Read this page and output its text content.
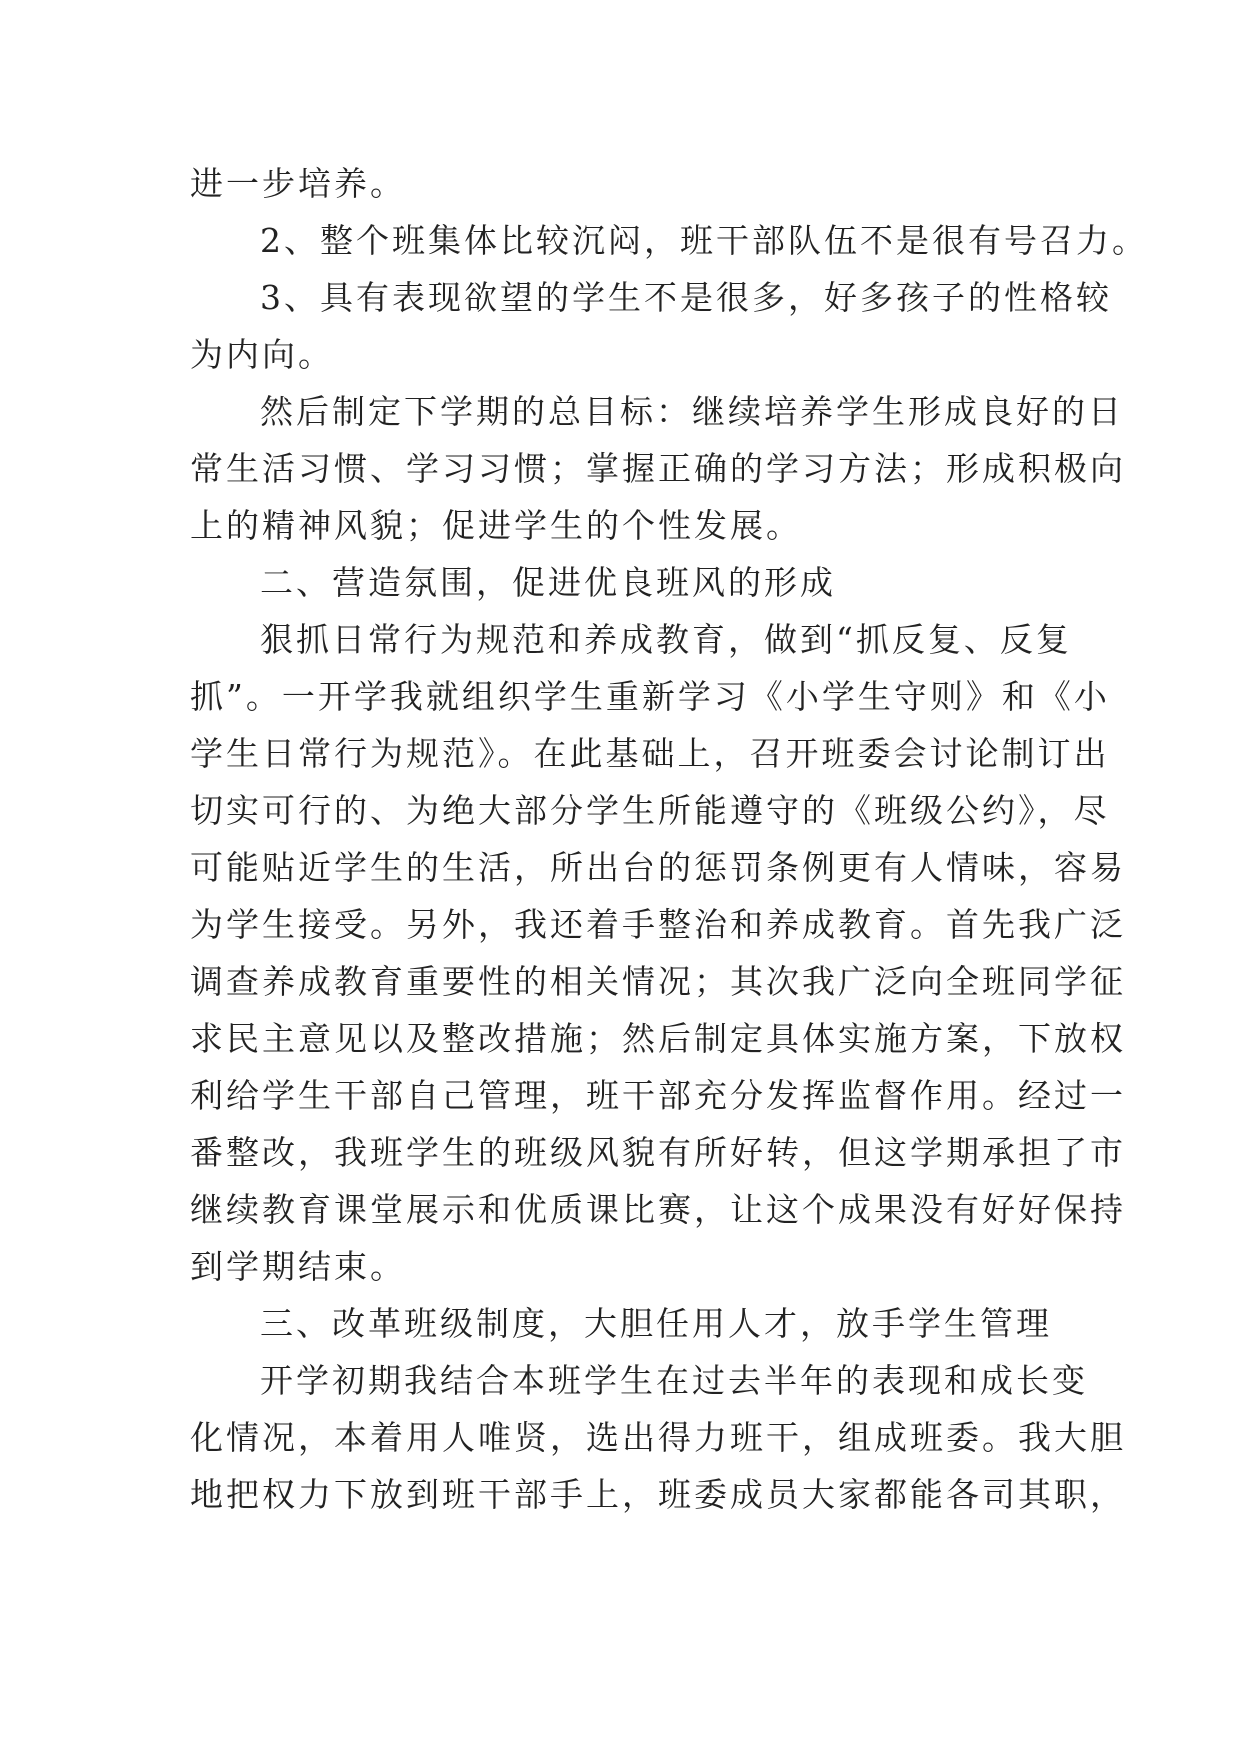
进一步培养。
2、整个班集体比较沉闷，班干部队伍不是很有号召力。
3、具有表现欲望的学生不是很多，好多孩子的性格较
为内向。
然后制定下学期的总目标：继续培养学生形成良好的日
常生活习惯、学习习惯；掌握正确的学习方法；形成积极向
上的精神风貌；促进学生的个性发展。
二、营造氛围，促进优良班风的形成
狠抓日常行为规范和养成教育，做到“抓反复、反复
抓”。一开学我就组织学生重新学习《小学生守则》和《小
学生日常行为规范》。在此基础上，召开班委会讨论制订出
切实可行的、为绝大部分学生所能遵守的《班级公约》，尽
可能贴近学生的生活，所出台的惩罚条例更有人情味，容易
为学生接受。另外，我还着手整治和养成教育。首先我广泛
调查养成教育重要性的相关情况；其次我广泛向全班同学征
求民主意见以及整改措施；然后制定具体实施方案，下放权
利给学生干部自己管理，班干部充分发挥监督作用。经过一
番整改，我班学生的班级风貌有所好转，但这学期承担了市
继续教育课堂展示和优质课比赛，让这个成果没有好好保持
到学期结束。
三、改革班级制度，大胆任用人才，放手学生管理
开学初期我结合本班学生在过去半年的表现和成长变
化情况，本着用人唯贤，选出得力班干，组成班委。我大胆
地把权力下放到班干部手上，班委成员大家都能各司其职，
